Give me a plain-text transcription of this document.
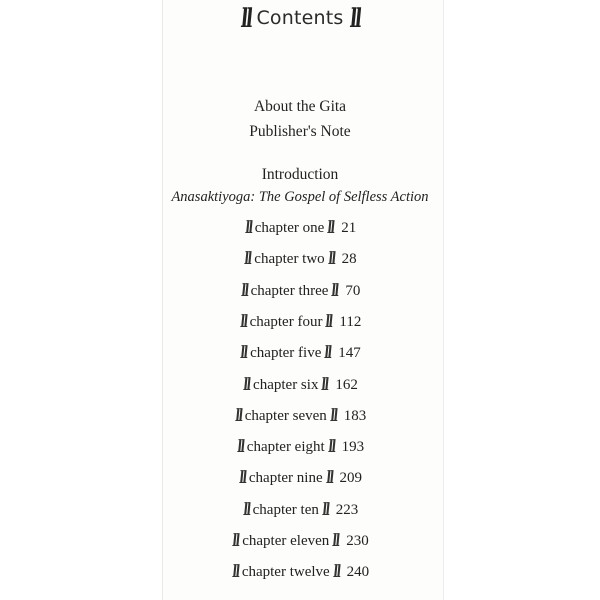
ll Contents ll
About the Gita
Publisher's Note
Introduction
Anasaktiyoga: The Gospel of Selfless Action
ll chapter one ll 21
ll chapter two ll 28
ll chapter three ll 70
ll chapter four ll 112
ll chapter five ll 147
ll chapter six ll 162
ll chapter seven ll 183
ll chapter eight ll 193
ll chapter nine ll 209
ll chapter ten ll 223
ll chapter eleven ll 230
ll chapter twelve ll 240
